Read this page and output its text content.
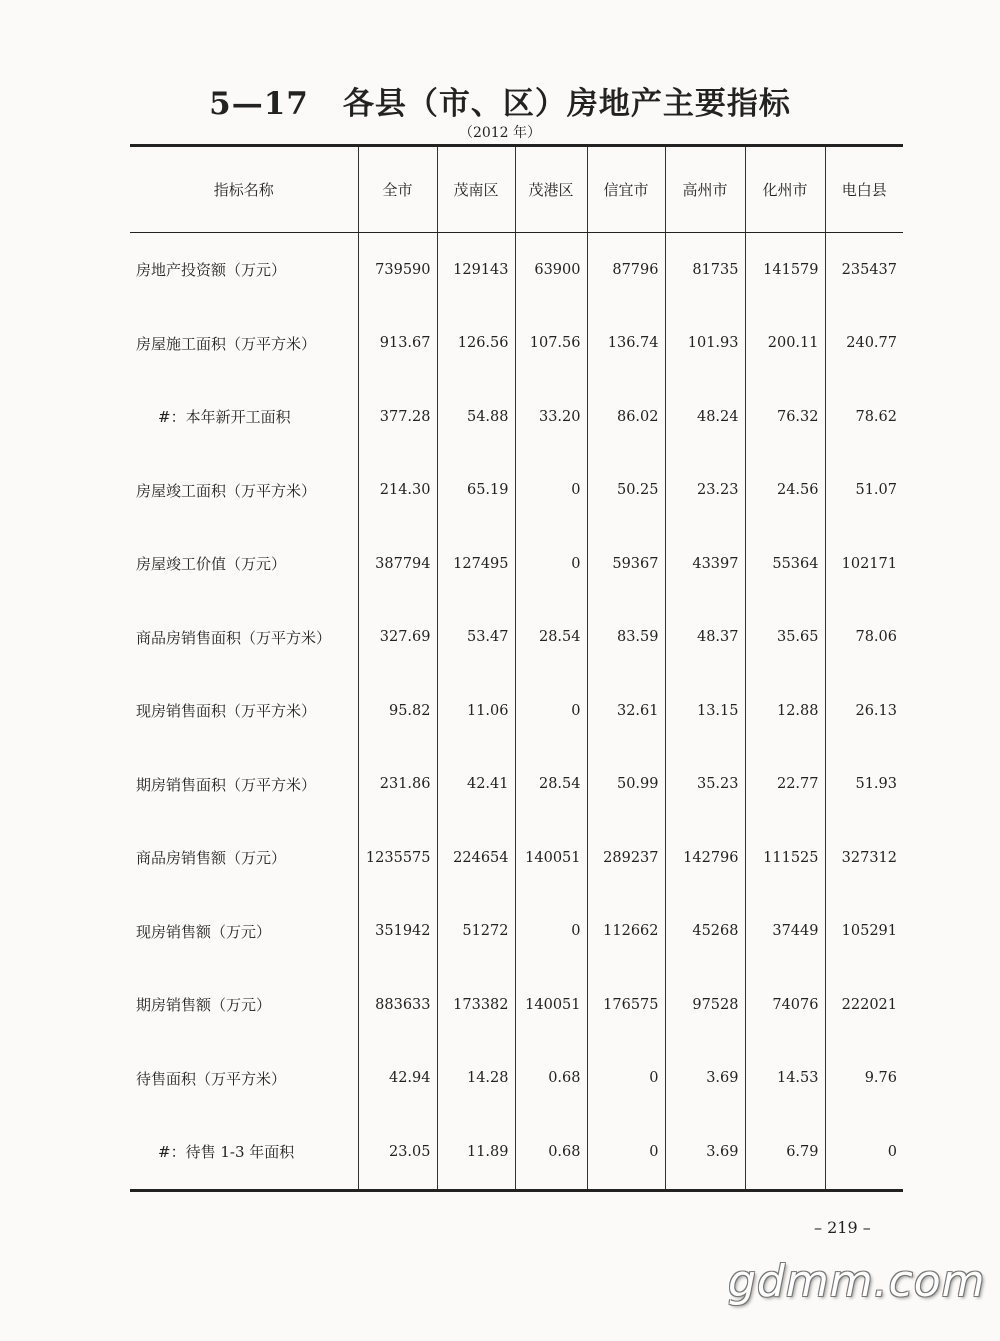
5—17 各县（市、区）房地产主要指标

（2012 年）

指标名称	全市	茂南区	茂港区	信宜市	高州市	化州市	电白县
房地产投资额（万元）	739590	129143	63900	87796	81735	141579	235437
房屋施工面积（万平方米）	913.67	126.56	107.56	136.74	101.93	200.11	240.77
#：本年新开工面积	377.28	54.88	33.20	86.02	48.24	76.32	78.62
房屋竣工面积（万平方米）	214.30	65.19	0	50.25	23.23	24.56	51.07
房屋竣工价值（万元）	387794	127495	0	59367	43397	55364	102171
商品房销售面积（万平方米）	327.69	53.47	28.54	83.59	48.37	35.65	78.06
现房销售面积（万平方米）	95.82	11.06	0	32.61	13.15	12.88	26.13
期房销售面积（万平方米）	231.86	42.41	28.54	50.99	35.23	22.77	51.93
商品房销售额（万元）	1235575	224654	140051	289237	142796	111525	327312
现房销售额（万元）	351942	51272	0	112662	45268	37449	105291
期房销售额（万元）	883633	173382	140051	176575	97528	74076	222021
待售面积（万平方米）	42.94	14.28	0.68	0	3.69	14.53	9.76
#：待售 1-3 年面积	23.05	11.89	0.68	0	3.69	6.79	0

– 219 –

gdmm.com
